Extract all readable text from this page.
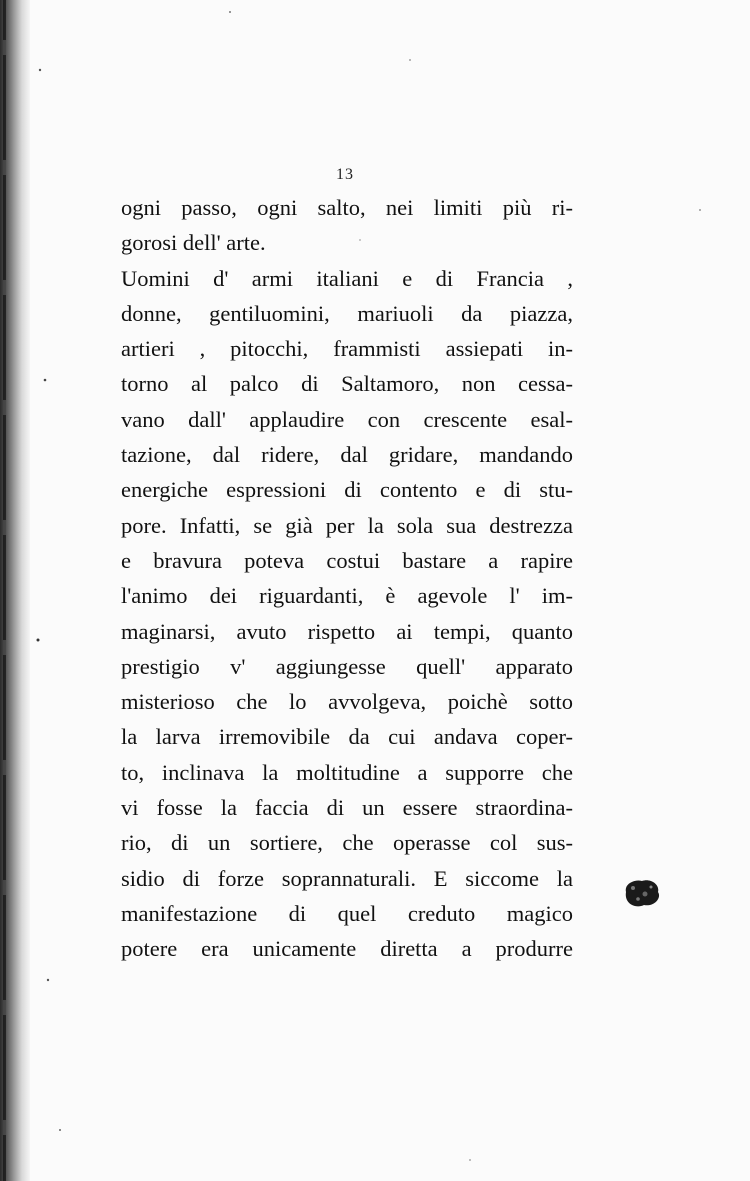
13
ogni passo, ogni salto, nei limiti più ri-
gorosi dell' arte.
Uomini d' armi italiani e di Francia ,
donne, gentiluomini, mariuoli da piazza,
artieri , pitocchi, frammisti assiepati in-
torno al palco di Saltamoro, non cessa-
vano dall' applaudire con crescente esal-
tazione, dal ridere, dal gridare, mandando
energiche espressioni di contento e di stu-
pore. Infatti, se già per la sola sua destrezza
e bravura poteva costui bastare a rapire
l'animo dei riguardanti, è agevole l' im-
maginarsi, avuto rispetto ai tempi, quanto
prestigio v' aggiungesse quell' apparato
misterioso che lo avvolgeva, poichè sotto
la larva irremovibile da cui andava coper-
to, inclinava la moltitudine a supporre che
vi fosse la faccia di un essere straordina-
rio, di un sortiere, che operasse col sus-
sidio di forze soprannaturali. E siccome la
manifestazione di quel creduto magico
potere era unicamente diretta a produrre
